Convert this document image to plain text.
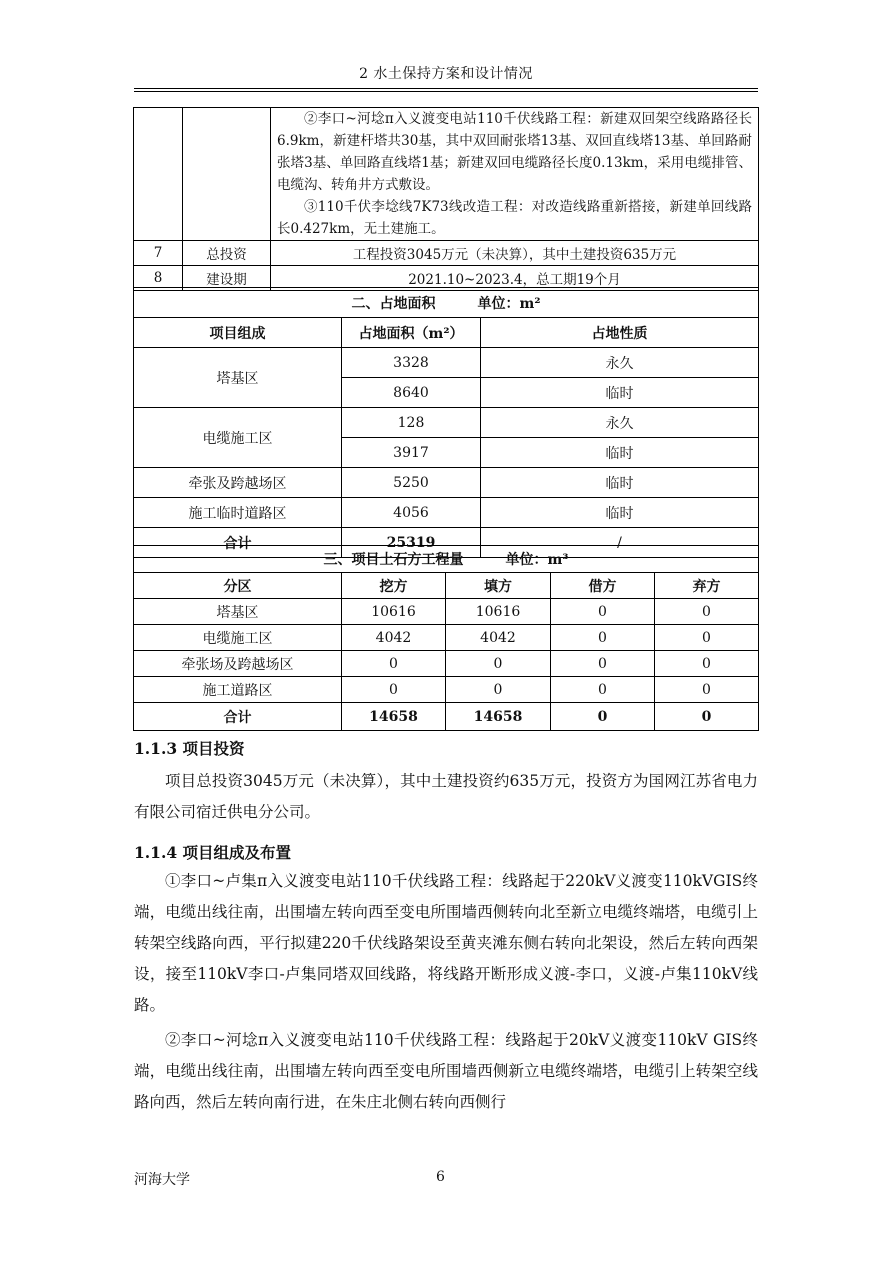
2 水土保持方案和设计情况

		②李口~河埝π入义渡变电站110千伏线路工程：新建双回架空线路路径长6.9km，新建杆塔共30基，其中双回耐张塔13基、双回直线塔13基、单回路耐张塔3基、单回路直线塔1基；新建双回电缆路径长度0.13km，采用电缆排管、电缆沟、转角井方式敷设。

③110千伏李埝线7K73线改造工程：对改造线路重新搭接，新建单回线路长0.427km，无土建施工。

7	总投资	工程投资3045万元（未决算），其中土建投资635万元
8	建设期	2021.10~2023.4，总工期19个月
二、占地面积    单位：m²		
项目组成	占地面积（m²）	占地性质
塔基区	3328	永久
	8640	临时
电缆施工区	128	永久
	3917	临时
牵张及跨越场区	5250	临时
施工临时道路区	4056	临时
合计	25319	/
三、项目土石方工程量    单位：m³				
分区	挖方	填方	借方	弃方
塔基区	10616	10616	0	0
电缆施工区	4042	4042	0	0
牵张场及跨越场区	0	0	0	0
施工道路区	0	0	0	0
合计	14658	14658	0	0
1.1.3 项目投资

项目总投资3045万元（未决算），其中土建投资约635万元，投资方为国网江苏省电力有限公司宿迁供电分公司。

1.1.4 项目组成及布置

①李口~卢集π入义渡变电站110千伏线路工程：线路起于220kV义渡变110kVGIS终端，电缆出线往南，出围墙左转向西至变电所围墙西侧转向北至新立电缆终端塔，电缆引上转架空线路向西，平行拟建220千伏线路架设至黄夹滩东侧右转向北架设，然后左转向西架设，接至110kV李口-卢集同塔双回线路，将线路开断形成义渡-李口，义渡-卢集110kV线路。

②李口~河埝π入义渡变电站110千伏线路工程：线路起于20kV义渡变110kV GIS终端，电缆出线往南，出围墙左转向西至变电所围墙西侧新立电缆终端塔，电缆引上转架空线路向西，然后左转向南行进，在朱庄北侧右转向西侧行

河海大学	6
